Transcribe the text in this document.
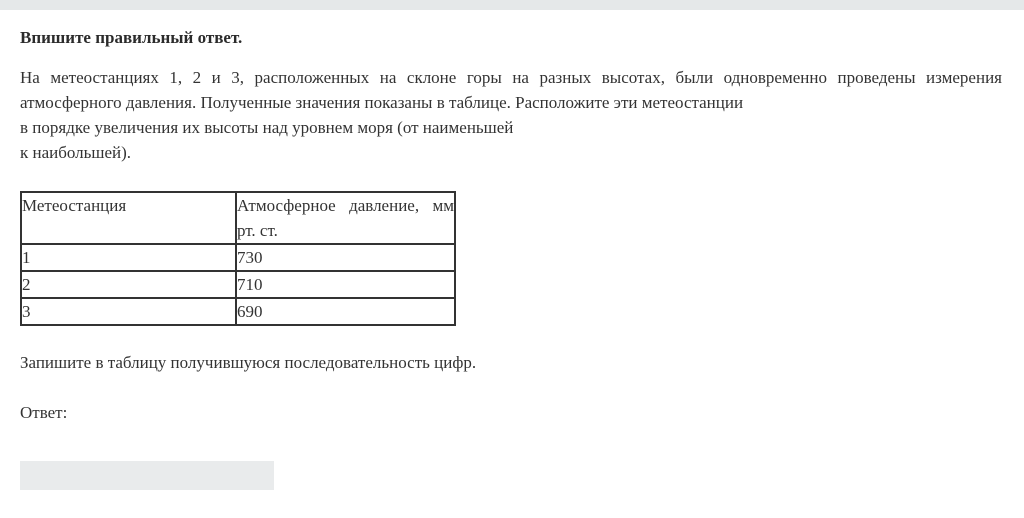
Впишите правильный ответ.

На метеостанциях 1, 2 и 3, расположенных на склоне горы на разных высотах, были одновременно проведены измерения
атмосферного давления. Полученные значения показаны в таблице. Расположите эти метеостанции
в порядке увеличения их высоты над уровнем моря (от наименьшей
к наибольшей).

Метеостанция	Атмосферное давление, мм рт. ст.

1	730
2	710
3	690

Запишите в таблицу получившуюся последовательность цифр.

Ответ:
